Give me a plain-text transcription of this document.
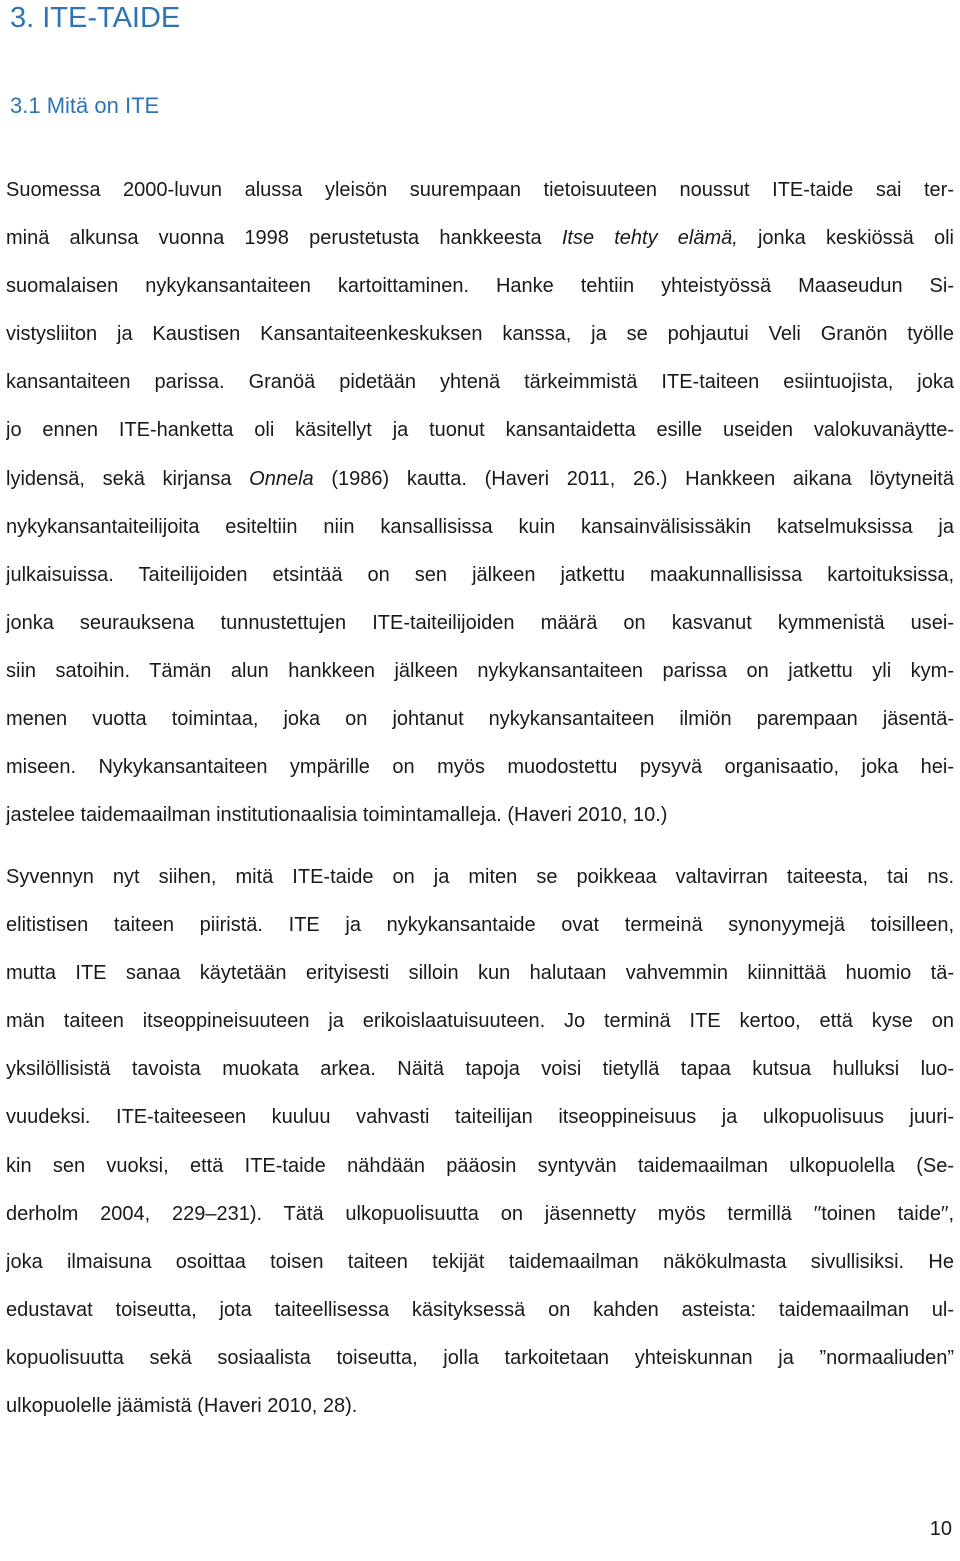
3. ITE-TAIDE
3.1 Mitä on ITE
Suomessa 2000-luvun alussa yleisön suurempaan tietoisuuteen noussut ITE-taide sai ter-
minä alkunsa vuonna 1998 perustetusta hankkeesta Itse tehty elämä, jonka keskiössä oli
suomalaisen nykykansantaiteen kartoittaminen. Hanke tehtiin yhteistyössä Maaseudun Si-
vistysliiton ja Kaustisen Kansantaiteenkeskuksen kanssa, ja se pohjautui Veli Granön työlle
kansantaiteen parissa. Granöä pidetään yhtenä tärkeimmistä ITE-taiteen esiintuojista, joka
jo ennen ITE-hanketta oli käsitellyt ja tuonut kansantaidetta esille useiden valokuvanäytte-
lyidensä, sekä kirjansa Onnela (1986) kautta. (Haveri 2011, 26.) Hankkeen aikana löytyneitä
nykykansantaiteilijoita esiteltiin niin kansallisissa kuin kansainvälisissäkin katselmuksissa ja
julkaisuissa. Taiteilijoiden etsintää on sen jälkeen jatkettu maakunnallisissa kartoituksissa,
jonka seurauksena tunnustettujen ITE-taiteilijoiden määrä on kasvanut kymmenistä usei-
siin satoihin. Tämän alun hankkeen jälkeen nykykansantaiteen parissa on jatkettu yli kym-
menen vuotta toimintaa, joka on johtanut nykykansantaiteen ilmiön parempaan jäsentä-
miseen. Nykykansantaiteen ympärille on myös muodostettu pysyvä organisaatio, joka hei-
jastelee taidemaailman institutionaalisia toimintamalleja. (Haveri 2010, 10.)
Syvennyn nyt siihen, mitä ITE-taide on ja miten se poikkeaa valtavirran taiteesta, tai ns.
elitistisen taiteen piiristä. ITE ja nykykansantaide ovat termeinä synonyymejä toisilleen,
mutta ITE sanaa käytetään erityisesti silloin kun halutaan vahvemmin kiinnittää huomio tä-
män taiteen itseoppineisuuteen ja erikoislaatuisuuteen. Jo terminä ITE kertoo, että kyse on
yksilöllisistä tavoista muokata arkea. Näitä tapoja voisi tietyllä tapaa kutsua hulluksi luo-
vuudeksi. ITE-taiteeseen kuuluu vahvasti taiteilijan itseoppineisuus ja ulkopuolisuus juuri-
kin sen vuoksi, että ITE-taide nähdään pääosin syntyvän taidemaailman ulkopuolella (Se-
derholm 2004, 229–231). Tätä ulkopuolisuutta on jäsennetty myös termillä ′′toinen taide′′,
joka ilmaisuna osoittaa toisen taiteen tekijät taidemaailman näkökulmasta sivullisiksi. He
edustavat toiseutta, jota taiteellisessa käsityksessä on kahden asteista: taidemaailman ul-
kopuolisuutta sekä sosiaalista toiseutta, jolla tarkoitetaan yhteiskunnan ja ”normaaliuden”
ulkopuolelle jäämistä (Haveri 2010, 28).
10
